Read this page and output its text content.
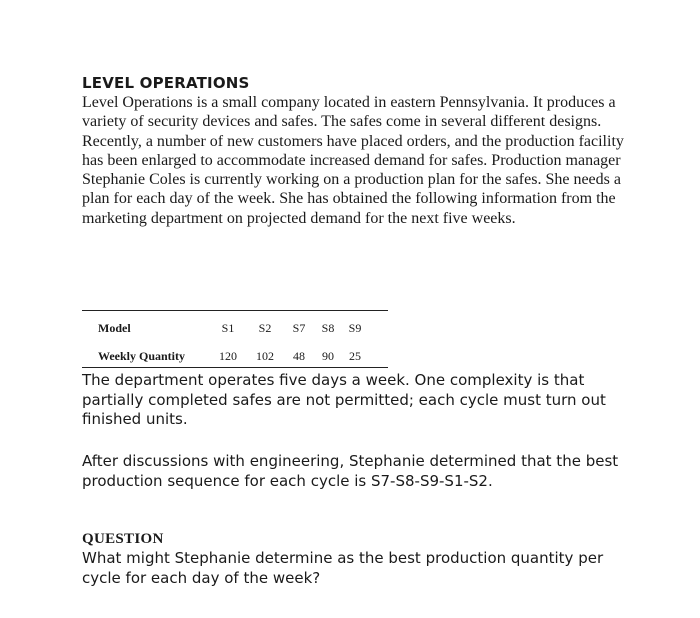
LEVEL OPERATIONS

Level Operations is a small company located in eastern Pennsylvania. It produces a variety of security devices and safes. The safes come in several different designs. Recently, a number of new customers have placed orders, and the production facility has been enlarged to accommodate increased demand for safes. Production manager Stephanie Coles is currently working on a production plan for the safes. She needs a plan for each day of the week. She has obtained the following information from the marketing department on projected demand for the next five weeks.

Model	S1	S2	S7	S8	S9
Weekly Quantity	120	102	48	90	25

The department operates five days a week. One complexity is that partially completed safes are not permitted; each cycle must turn out finished units.

After discussions with engineering, Stephanie determined that the best production sequence for each cycle is S7-S8-S9-S1-S2.

QUESTION

What might Stephanie determine as the best production quantity per cycle for each day of the week?
